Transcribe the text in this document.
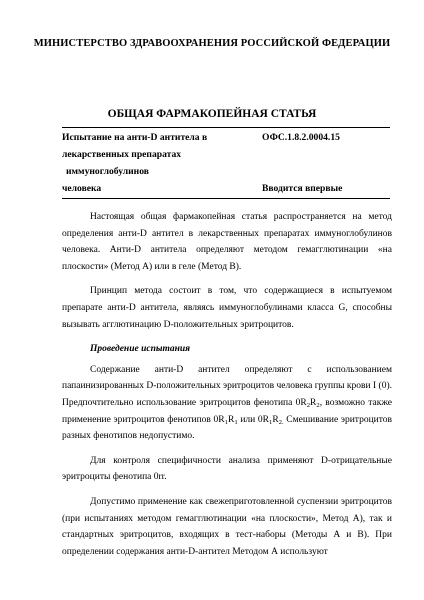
МИНИСТЕРСТВО ЗДРАВООХРАНЕНИЯ РОССИЙСКОЙ ФЕДЕРАЦИИ
ОБЩАЯ ФАРМАКОПЕЙНАЯ СТАТЬЯ
Испытание на анти-D антитела в
лекарственных препаратах
иммуноглобулинов
человека
ОФС.1.8.2.0004.15
Вводится впервые

Настоящая общая фармакопейная статья распространяется на метод определения анти-D антител в лекарственных препаратах иммуноглобулинов человека. Анти-D антитела определяют методом гемагглютинации «на плоскости» (Метод А) или в геле (Метод В).

Принцип метода состоит в том, что содержащиеся в испытуемом препарате анти-D антитела, являясь иммуноглобулинами класса G, способны вызывать агглютинацию D-положительных эритроцитов.

Проведение испытания

Содержание анти-D антител определяют с использованием папаинизированных D-положительных эритроцитов человека группы крови I (0). Предпочтительно использование эритроцитов фенотипа $0R_2R_2$, возможно также применение эритроцитов фенотипов $0R_1R_1$ или $0R_1R_{2.}$ Смешивание эритроцитов разных фенотипов недопустимо.

Для контроля специфичности анализа применяют D-отрицательные эритроциты фенотипа 0rr.

Допустимо применение как свежеприготовленной суспензии эритроцитов (при испытаниях методом гемагглютинации «на плоскости», Метод А), так и стандартных эритроцитов, входящих в тест-наборы (Методы А и В). При определении содержания анти-D-антител Методом А используют
